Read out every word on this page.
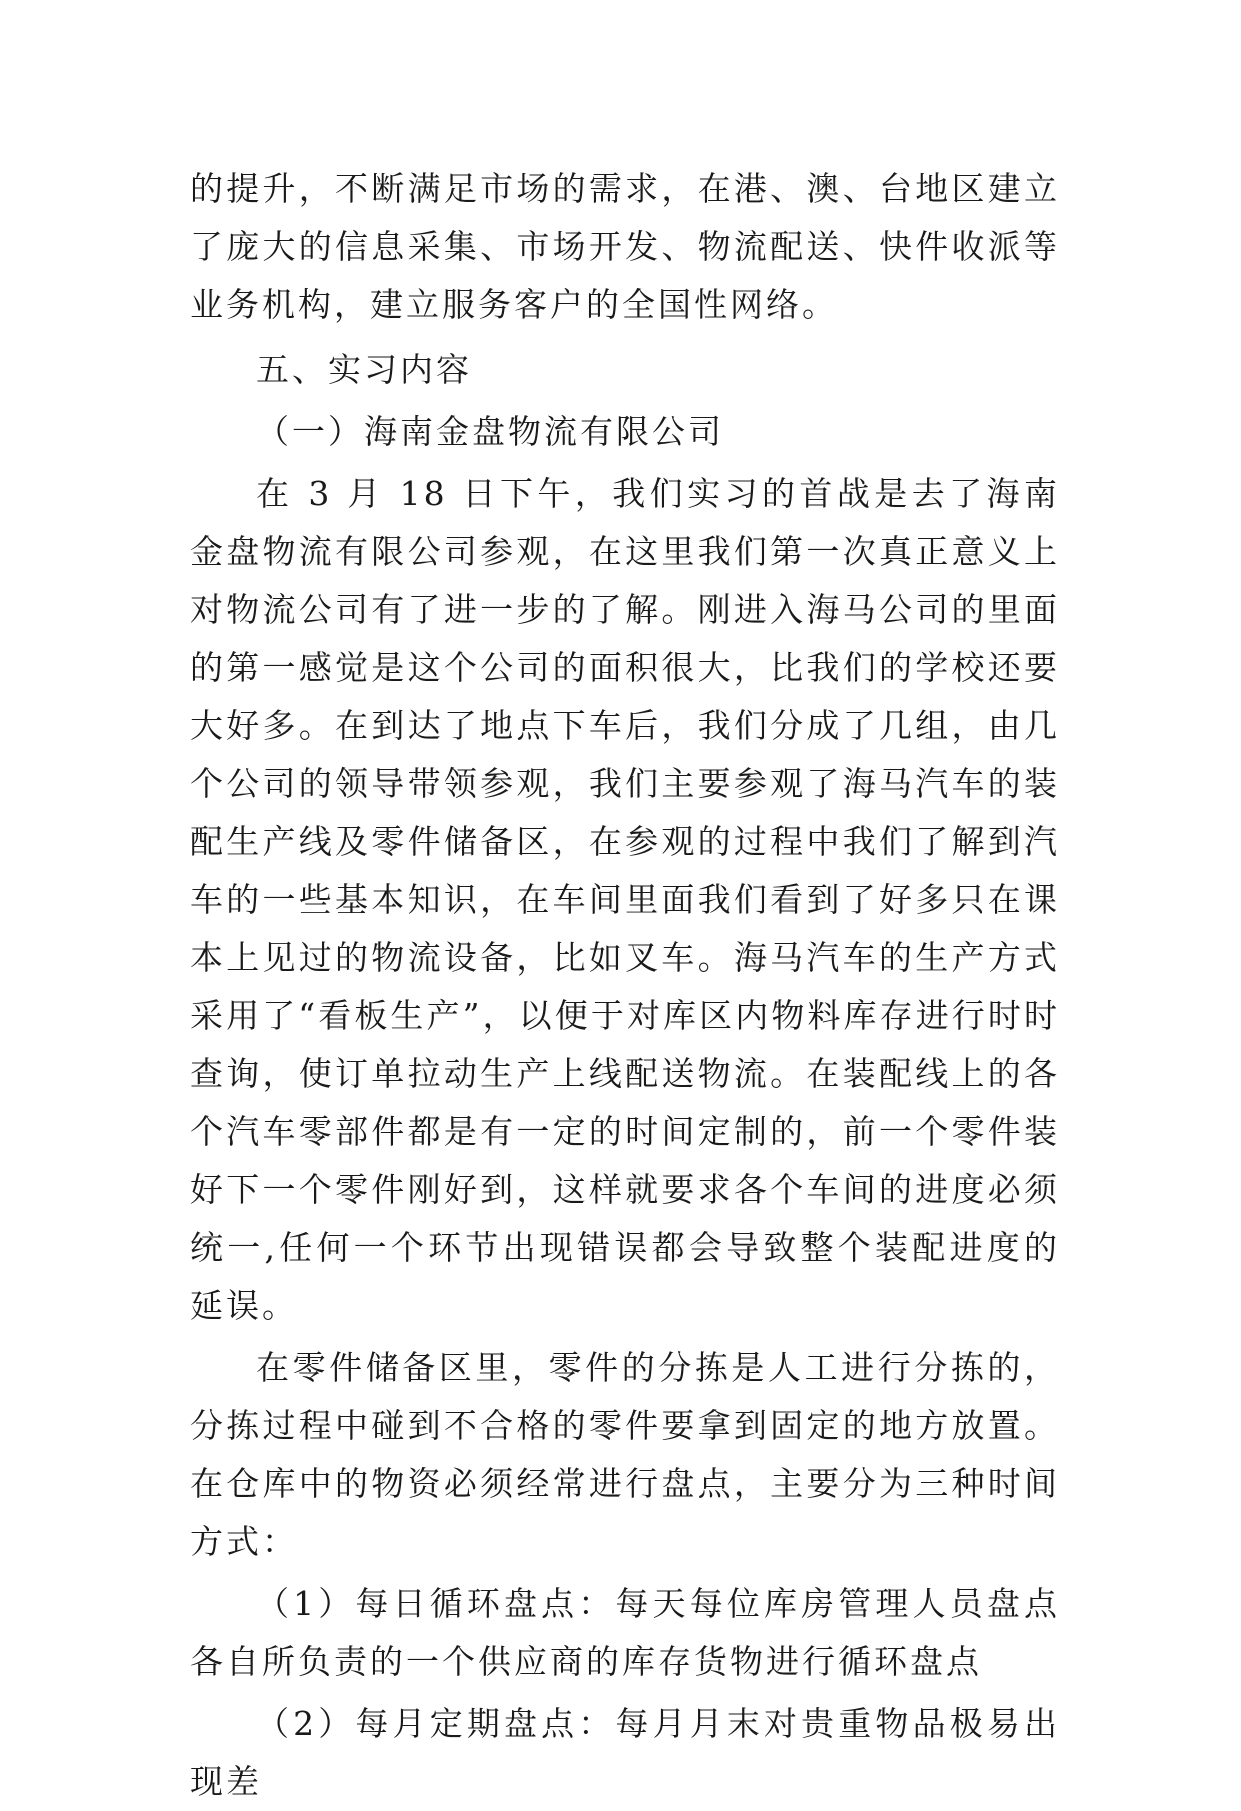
的提升，不断满足市场的需求，在港、澳、台地区建立了庞大的信息采集、市场开发、物流配送、快件收派等业务机构，建立服务客户的全国性网络。

五、实习内容

（一）海南金盘物流有限公司

在 3 月 18 日下午，我们实习的首战是去了海南金盘物流有限公司参观，在这里我们第一次真正意义上对物流公司有了进一步的了解。刚进入海马公司的里面的第一感觉是这个公司的面积很大，比我们的学校还要大好多。在到达了地点下车后，我们分成了几组，由几个公司的领导带领参观，我们主要参观了海马汽车的装配生产线及零件储备区，在参观的过程中我们了解到汽车的一些基本知识，在车间里面我们看到了好多只在课本上见过的物流设备，比如叉车。海马汽车的生产方式采用了“看板生产”，以便于对库区内物料库存进行时时查询，使订单拉动生产上线配送物流。在装配线上的各个汽车零部件都是有一定的时间定制的，前一个零件装好下一个零件刚好到，这样就要求各个车间的进度必须统一,任何一个环节出现错误都会导致整个装配进度的延误。

在零件储备区里，零件的分拣是人工进行分拣的，分拣过程中碰到不合格的零件要拿到固定的地方放置。在仓库中的物资必须经常进行盘点，主要分为三种时间方式：

（1）每日循环盘点：每天每位库房管理人员盘点各自所负责的一个供应商的库存货物进行循环盘点

（2）每月定期盘点：每月月末对贵重物品极易出现差
